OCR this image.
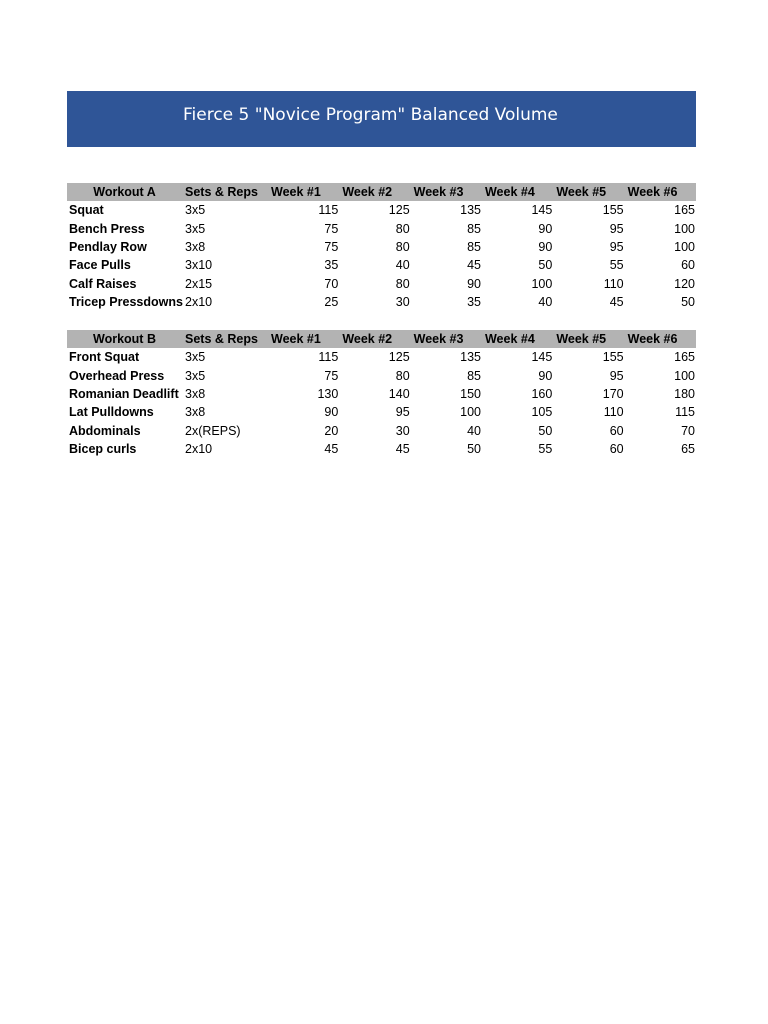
Fierce 5 "Novice Program" Balanced Volume
Workout A	Sets & Reps	Week #1	Week #2	Week #3	Week #4	Week #5	Week #6
Squat	3x5	115	125	135	145	155	165
Bench Press	3x5	75	80	85	90	95	100
Pendlay Row	3x8	75	80	85	90	95	100
Face Pulls	3x10	35	40	45	50	55	60
Calf Raises	2x15	70	80	90	100	110	120
Tricep Pressdowns	2x10	25	30	35	40	45	50
Workout B	Sets & Reps	Week #1	Week #2	Week #3	Week #4	Week #5	Week #6
Front Squat	3x5	115	125	135	145	155	165
Overhead Press	3x5	75	80	85	90	95	100
Romanian Deadlift	3x8	130	140	150	160	170	180
Lat Pulldowns	3x8	90	95	100	105	110	115
Abdominals	2x(REPS)	20	30	40	50	60	70
Bicep curls	2x10	45	45	50	55	60	65
